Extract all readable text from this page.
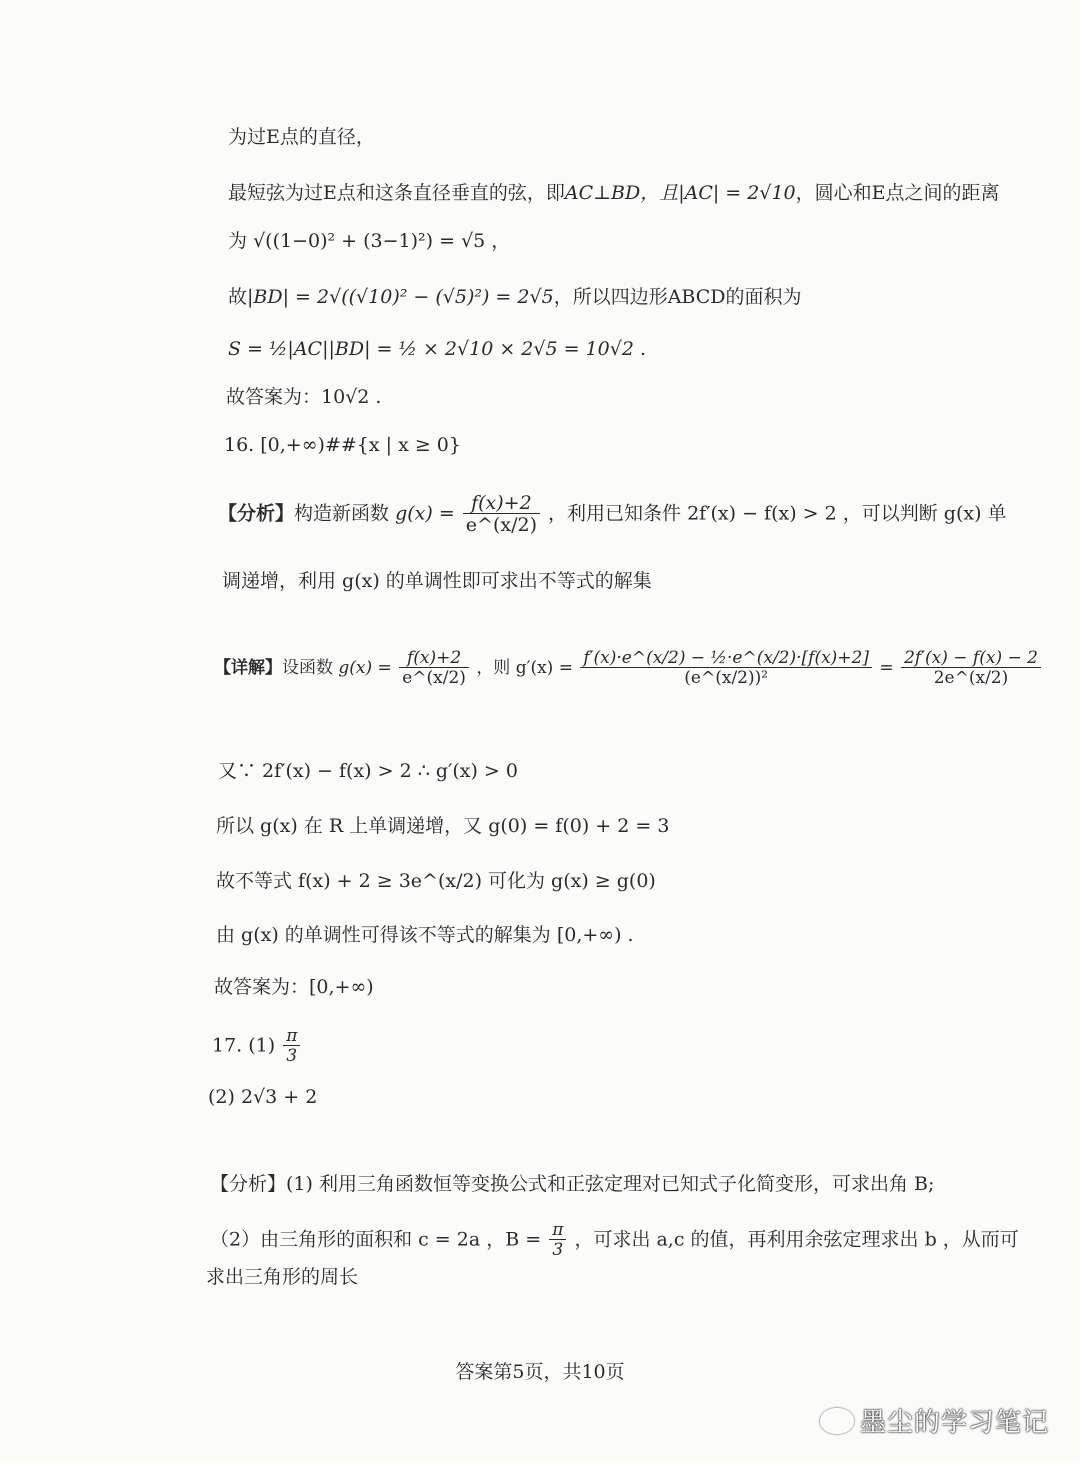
为过E点的直径，
最短弦为过E点和这条直径垂直的弦，即AC⊥BD，且|AC| = 2√10，圆心和E点之间的距离
为 √((1−0)² + (3−1)²) = √5 ，
故|BD| = 2√((√10)² − (√5)²) = 2√5，所以四边形ABCD的面积为
S = ½|AC||BD| = ½ × 2√10 × 2√5 = 10√2 .
故答案为：10√2 .
16. [0,+∞)##{x | x ≥ 0}
【分析】构造新函数 $g(x) = \frac{f(x)+2}{e\^{}(x/2)}$ ，利用已知条件 2f′(x) − f(x) > 2 ，可以判断 g(x) 单
调递增，利用 g(x) 的单调性即可求出不等式的解集
【详解】设函数 $g(x) = \frac{f(x)+2}{e\^{}(x/2)}$ ，则 $g'(x) = \frac{\text{f′(x)·e\textasciicircum{}(x/2) − ½·e\textasciicircum{}(x/2)·[f(x)+2]}}{\text{(e\textasciicircum{}(x/2))²}} = \frac{2f'(x) - f(x) - 2}{2e\^{}(x/2)}$
又∵ 2f′(x) − f(x) > 2 ∴ g′(x) > 0
所以 g(x) 在 R 上单调递增，又 g(0) = f(0) + 2 = 3
故不等式 f(x) + 2 ≥ 3e^(x/2) 可化为 g(x) ≥ g(0)
由 g(x) 的单调性可得该不等式的解集为 [0,+∞) .
故答案为：[0,+∞)
17. $(1) \frac{\pi}{3}$
(2) 2√3 + 2
【分析】(1) 利用三角函数恒等变换公式和正弦定理对已知式子化简变形，可求出角 B;
（2）由三角形的面积和 c = 2a ，$B = \frac{\pi}{3}$ ，可求出 a,c 的值，再利用余弦定理求出 b ，从而可
求出三角形的周长
答案第5页，共10页
墨尘的学习笔记
